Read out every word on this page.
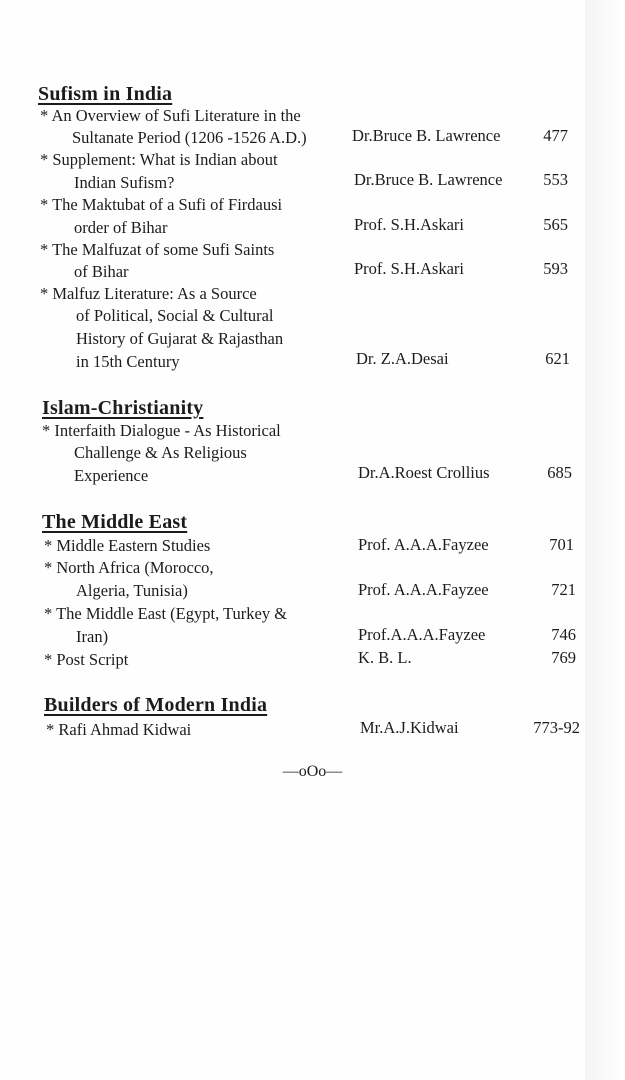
Sufism in India
* An Overview of Sufi Literature in the
Sultanate Period (1206 -1526 A.D.)	Dr.Bruce B. Lawrence	477
* Supplement: What is Indian about
Indian Sufism?	Dr.Bruce B. Lawrence	553
* The Maktubat of a Sufi of Firdausi
order of Bihar	Prof. S.H.Askari	565
* The Malfuzat of some Sufi Saints
of Bihar	Prof. S.H.Askari	593
* Malfuz Literature: As a Source
of Political, Social & Cultural
History of Gujarat & Rajasthan
in 15th Century	Dr. Z.A.Desai	621
Islam-Christianity
* Interfaith Dialogue - As Historical
Challenge & As Religious
Experience	Dr.A.Roest Crollius	685
The Middle East
* Middle Eastern Studies	Prof. A.A.A.Fayzee	701
* North Africa (Morocco,
Algeria, Tunisia)	Prof. A.A.A.Fayzee	721
* The Middle East (Egypt, Turkey &
Iran)	Prof.A.A.A.Fayzee	746
* Post Script	K. B. L.	769
Builders of Modern India
* Rafi Ahmad Kidwai	Mr.A.J.Kidwai	773-92
—oOo—
